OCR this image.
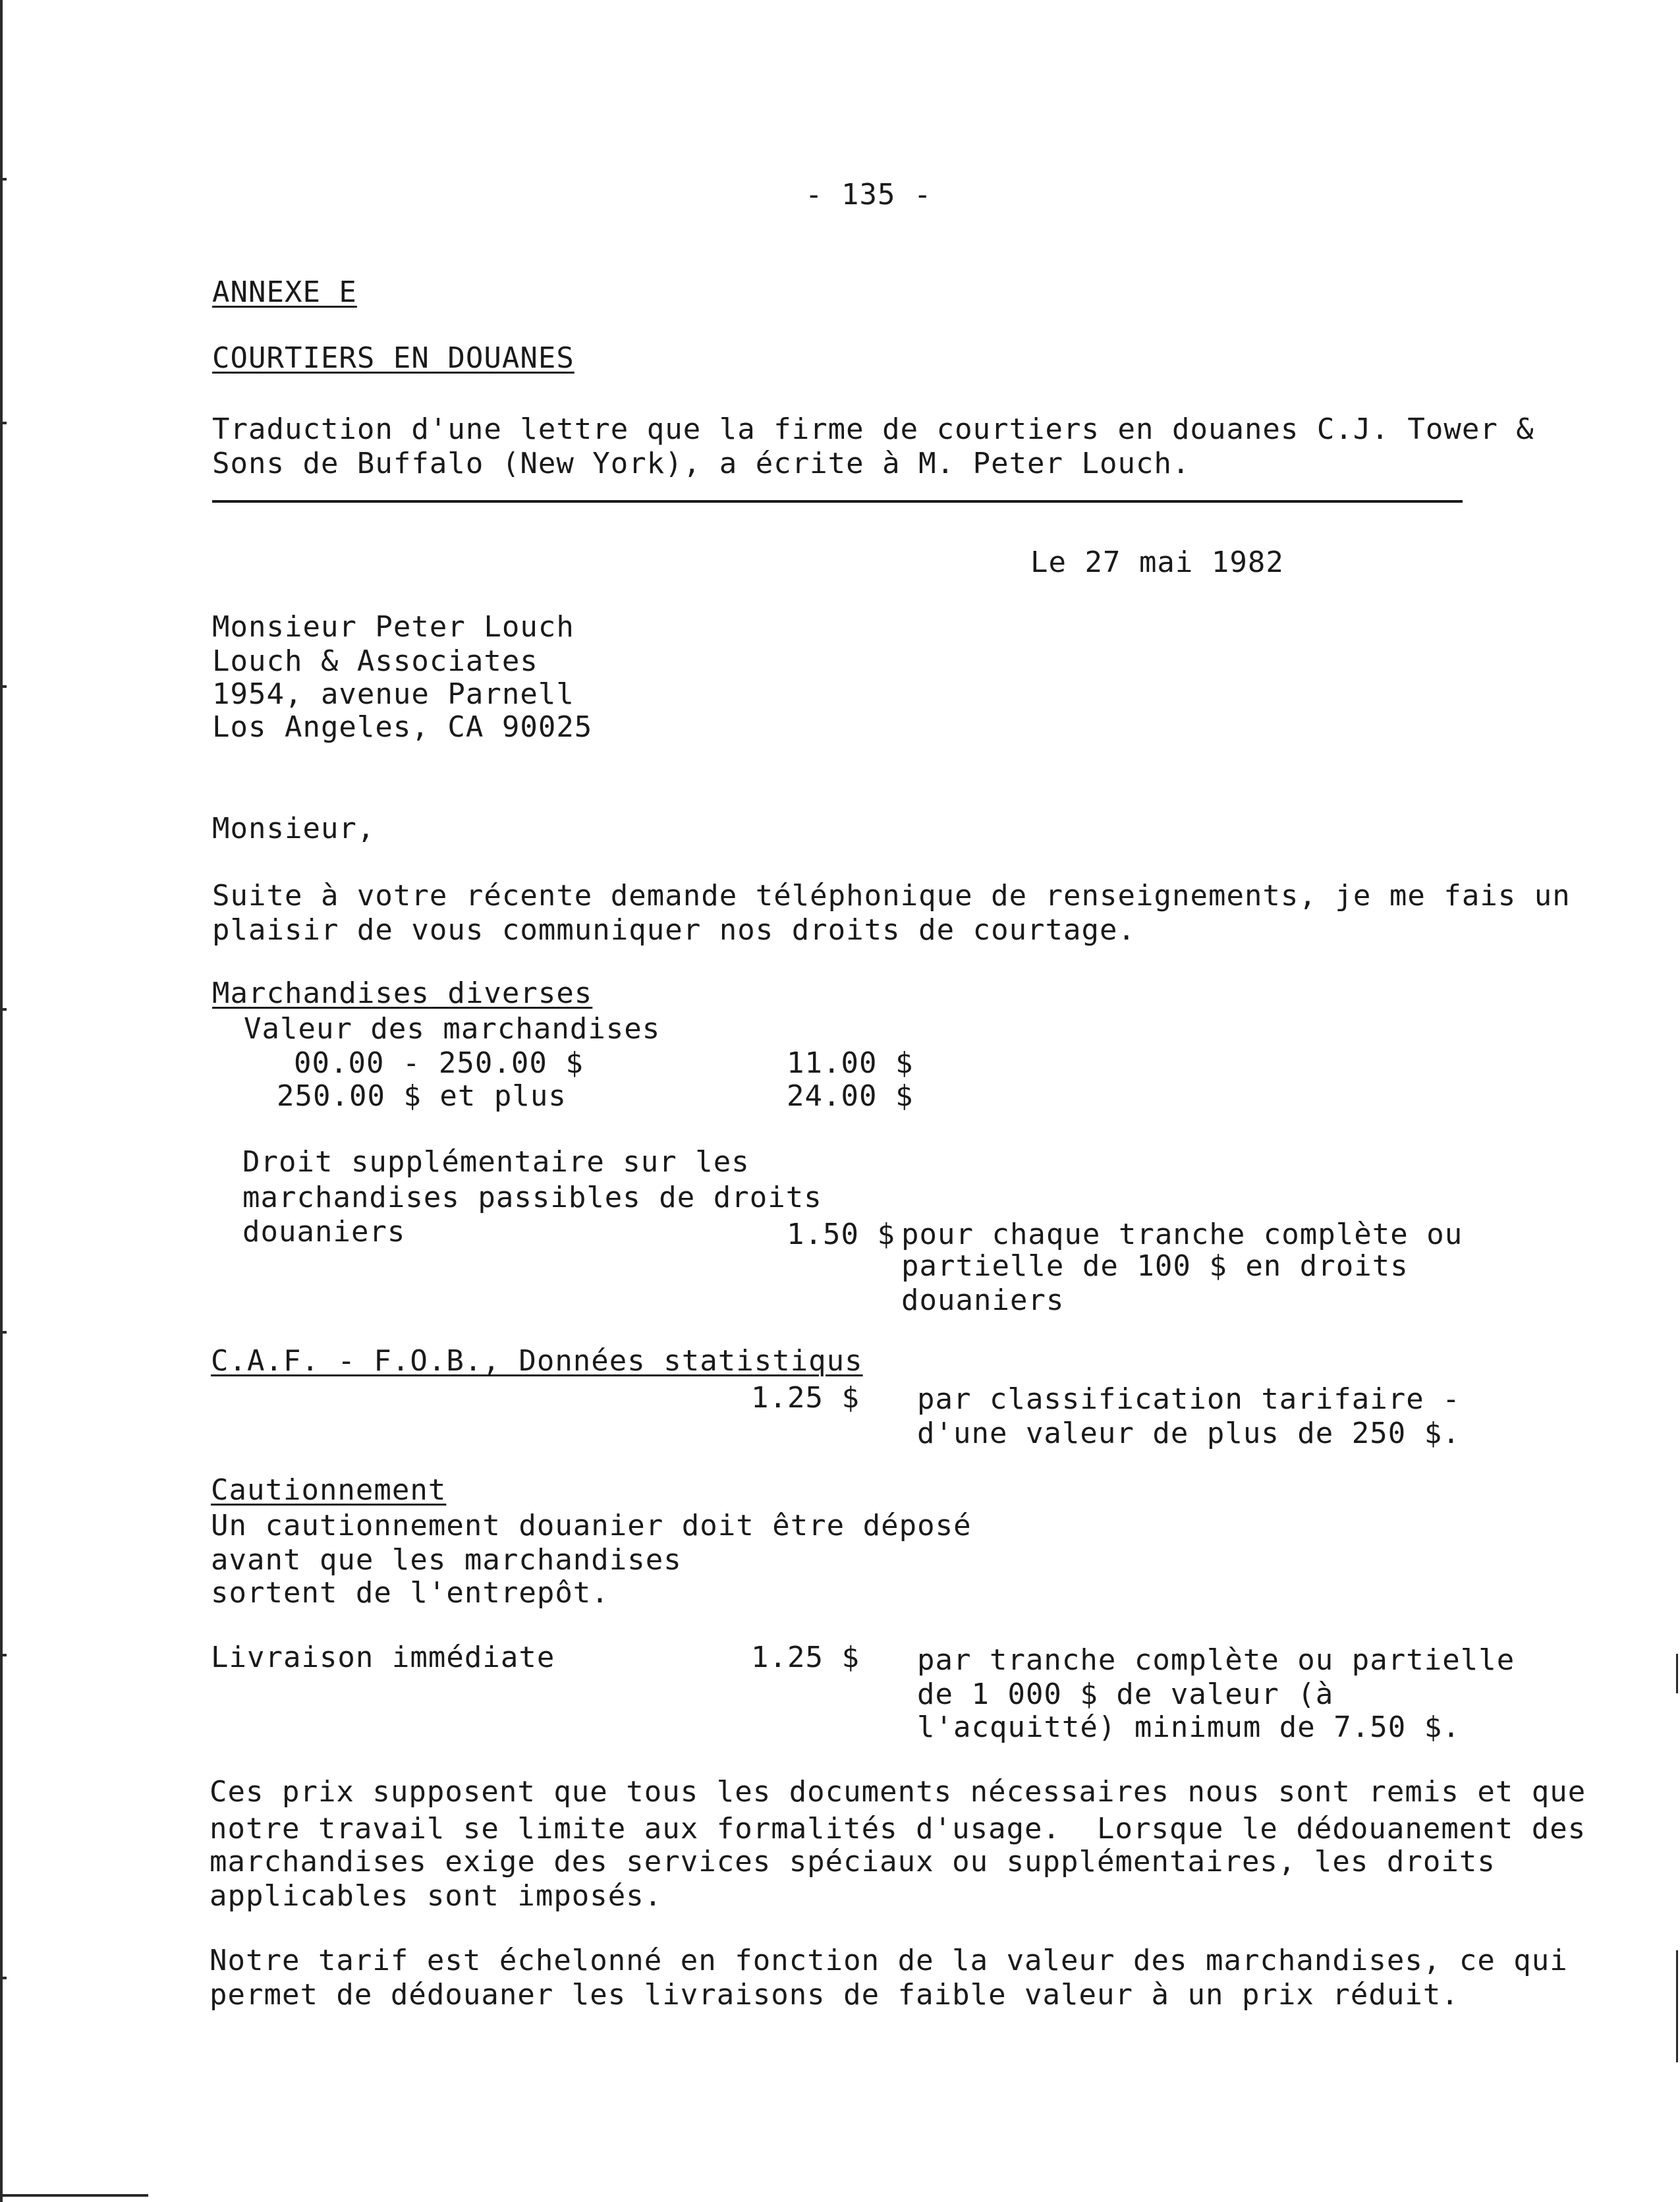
- 135 -
ANNEXE E
COURTIERS EN DOUANES
Traduction d'une lettre que la firme de courtiers en douanes C.J. Tower &
Sons de Buffalo (New York), a écrite à M. Peter Louch.
Le 27 mai 1982
Monsieur Peter Louch
Louch & Associates
1954, avenue Parnell
Los Angeles, CA 90025
Monsieur,
Suite à votre récente demande téléphonique de renseignements, je me fais un
plaisir de vous communiquer nos droits de courtage.
Marchandises diverses
Valeur des marchandises
00.00 - 250.00 $	11.00 $
250.00 $ et plus	24.00 $
Droit supplémentaire sur les
marchandises passibles de droits
douaniers	1.50 $ pour chaque tranche complète ou
partielle de 100 $ en droits
douaniers
C.A.F. - F.O.B., Données statistiqus
1.25 $ par classification tarifaire -
d'une valeur de plus de 250 $.
Cautionnement
Un cautionnement douanier doit être déposé
avant que les marchandises
sortent de l'entrepôt.
Livraison immédiate	1.25 $ par tranche complète ou partielle
de 1 000 $ de valeur (à
l'acquitté) minimum de 7.50 $.
Ces prix supposent que tous les documents nécessaires nous sont remis et que
notre travail se limite aux formalités d'usage.  Lorsque le dédouanement des
marchandises exige des services spéciaux ou supplémentaires, les droits
applicables sont imposés.
Notre tarif est échelonné en fonction de la valeur des marchandises, ce qui
permet de dédouaner les livraisons de faible valeur à un prix réduit.
